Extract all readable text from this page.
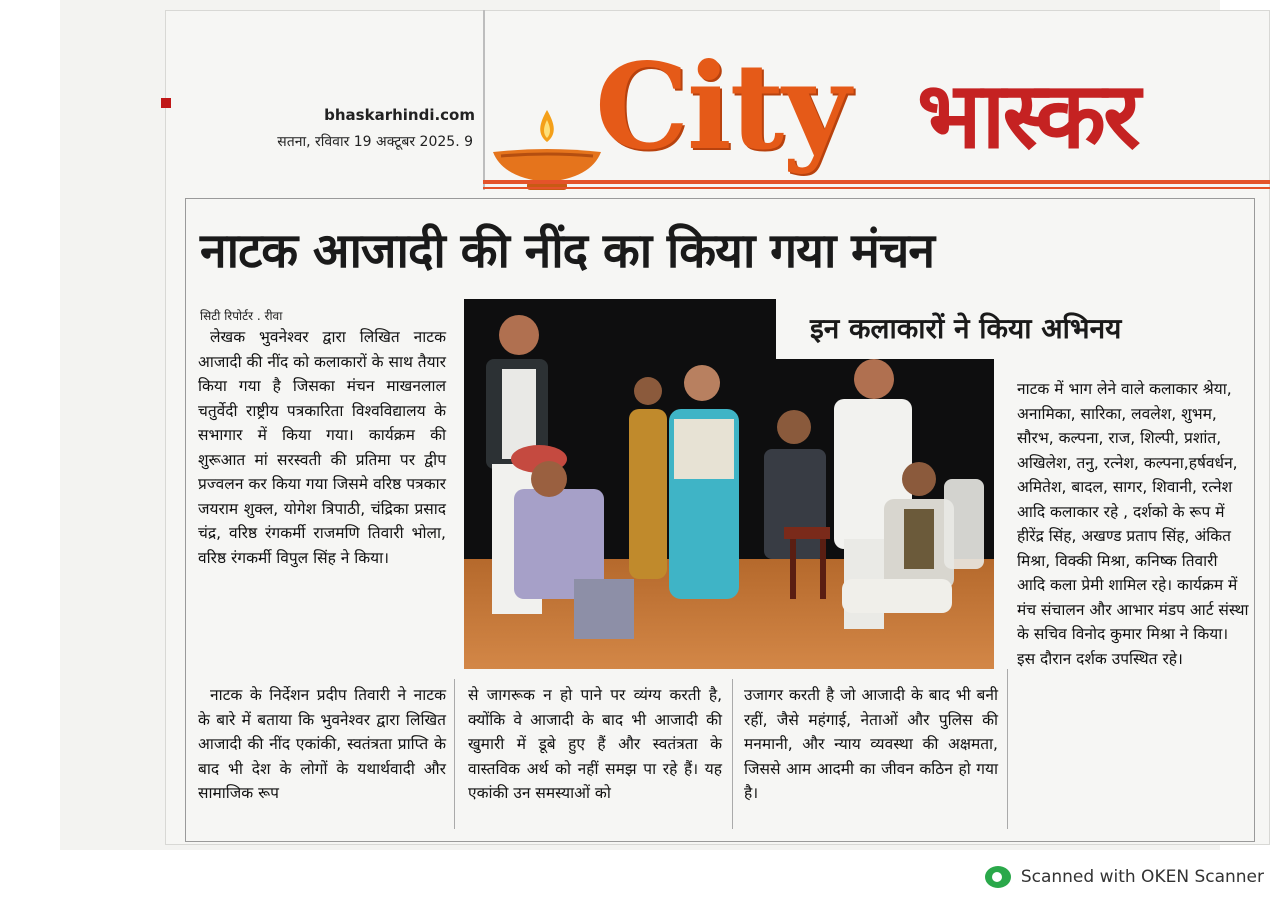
bhaskarhindi.com
सतना, रविवार 19 अक्टूबर 2025. 9 City भास्कर
नाटक आजादी की नींद का किया गया मंचन
सिटी रिपोर्टर . रीवा

लेखक भुवनेश्वर द्वारा लिखित नाटक आजादी की नींद को कलाकारों के साथ तैयार किया गया है जिसका मंचन माखनलाल चतुर्वेदी राष्ट्रीय पत्रकारिता विश्वविद्यालय के सभागार में किया गया। कार्यक्रम की शुरूआत मां सरस्वती की प्रतिमा पर द्वीप प्रज्वलन कर किया गया जिसमे वरिष्ठ पत्रकार जयराम शुक्ल, योगेश त्रिपाठी, चंद्रिका प्रसाद चंद्र, वरिष्ठ रंगकर्मी राजमणि तिवारी भोला, वरिष्ठ रंगकर्मी विपुल सिंह ने किया।

नाटक के निर्देशन प्रदीप तिवारी ने नाटक के बारे में बताया कि भुवनेश्वर द्वारा लिखित आजादी की नींद एकांकी, स्वतंत्रता प्राप्ति के बाद भी देश के लोगों के यथार्थवादी और सामाजिक रूप

से जागरूक न हो पाने पर व्यंग्य करती है, क्योंकि वे आजादी के बाद भी आजादी की खुमारी में डूबे हुए हैं और स्वतंत्रता के वास्तविक अर्थ को नहीं समझ पा रहे हैं। यह एकांकी उन समस्याओं को

उजागर करती है जो आजादी के बाद भी बनी रहीं, जैसे महंगाई, नेताओं और पुलिस की मनमानी, और न्याय व्यवस्था की अक्षमता, जिससे आम आदमी का जीवन कठिन हो गया है।

इन कलाकारों ने किया अभिनय

नाटक में भाग लेने वाले कलाकार श्रेया, अनामिका, सारिका, लवलेश, शुभम, सौरभ, कल्पना, राज, शिल्पी, प्रशांत, अखिलेश, तनु, रत्नेश, कल्पना,हर्षवर्धन, अमितेश, बादल, सागर, शिवानी, रत्नेश आदि कलाकार रहे , दर्शको के रूप में हीरेंद्र सिंह, अखण्ड प्रताप सिंह, अंकित मिश्रा, विक्की मिश्रा, कनिष्क तिवारी आदि कला प्रेमी शामिल रहे। कार्यक्रम में मंच संचालन और आभार मंडप आर्ट संस्था के सचिव विनोद कुमार मिश्रा ने किया। इस दौरान दर्शक उपस्थित रहे।

Scanned with OKEN Scanner
